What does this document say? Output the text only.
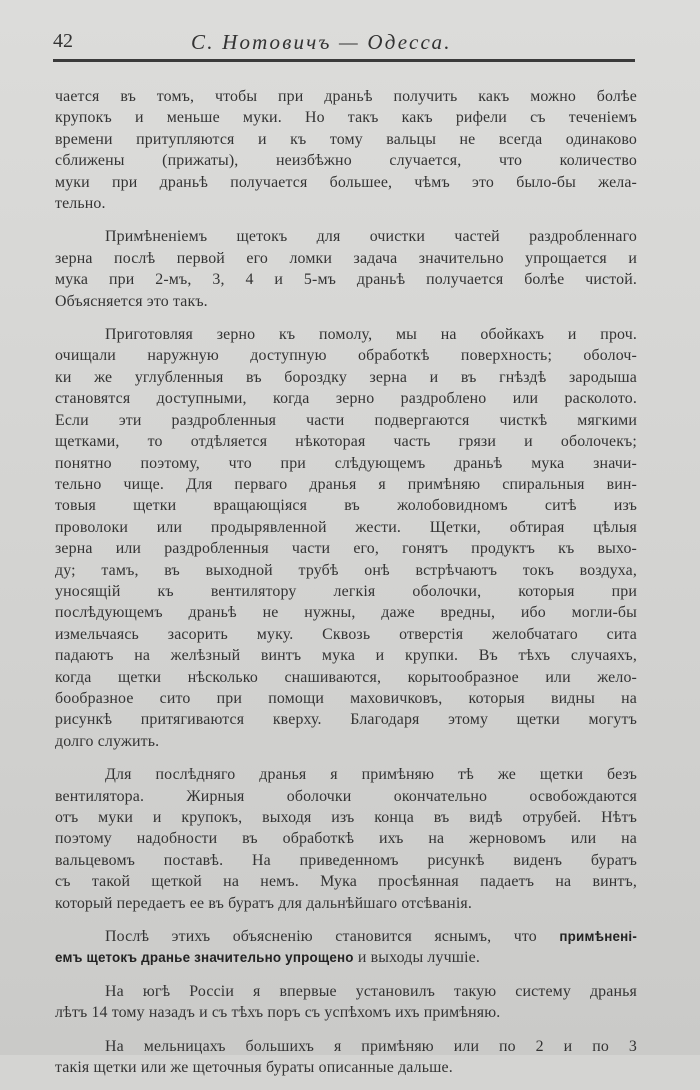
42	С. Нотовичъ — Одесса.

чается въ томъ, чтобы при драньѣ получить какъ можно болѣе
крупокъ и меньше муки. Но такъ какъ рифели съ теченіемъ
времени притупляются и къ тому вальцы не всегда одинаково
сближены (прижаты), неизбѣжно случается, что количество
муки при драньѣ получается большее, чѣмъ это было-бы жела-
тельно.

Примѣненіемъ щетокъ для очистки частей раздробленнаго
зерна послѣ первой его ломки задача значительно упрощается и
мука при 2-мъ, 3, 4 и 5-мъ драньѣ получается болѣе чистой.
Объясняется это такъ.

Приготовляя зерно къ помолу, мы на обойкахъ и проч.
очищали наружную доступную обработкѣ поверхность; оболоч-
ки же углубленныя въ бороздку зерна и въ гнѣздѣ зародыша
становятся доступными, когда зерно раздроблено или расколото.
Если эти раздробленныя части подвергаются чисткѣ мягкими
щетками, то отдѣляется нѣкоторая часть грязи и оболочекъ;
понятно поэтому, что при слѣдующемъ драньѣ мука значи-
тельно чище. Для перваго дранья я примѣняю спиральныя вин-
товыя щетки вращающіяся въ жолобовидномъ ситѣ изъ
проволоки или продырявленной жести. Щетки, обтирая цѣлыя
зерна или раздробленныя части его, гонятъ продуктъ къ выхо-
ду; тамъ, въ выходной трубѣ онѣ встрѣчаютъ токъ воздуха,
уносящій къ вентилятору легкія оболочки, которыя при
послѣдующемъ драньѣ не нужны, даже вредны, ибо могли-бы
измельчаясь засорить муку. Сквозь отверстія желобчатаго сита
падаютъ на желѣзный винтъ мука и крупки. Въ тѣхъ случаяхъ,
когда щетки нѣсколько снашиваются, корытообразное или жело-
бообразное сито при помощи маховичковъ, которыя видны на
рисункѣ притягиваются кверху. Благодаря этому щетки могутъ
долго служить.

Для послѣдняго дранья я примѣняю тѣ же щетки безъ
вентилятора. Жирныя оболочки окончательно освобождаются
отъ муки и крупокъ, выходя изъ конца въ видѣ отрубей. Нѣтъ
поэтому надобности въ обработкѣ ихъ на жерновомъ или на
вальцевомъ поставѣ. На приведенномъ рисункѣ виденъ буратъ
съ такой щеткой на немъ. Мука просѣянная падаетъ на винтъ,
который передаетъ ее въ буратъ для дальнѣйшаго отсѣванія.

Послѣ этихъ объясненію становится яснымъ, что примѣнені-
емъ щетокъ дранье значительно упрощено и выходы лучшіе.

На югѣ Россіи я впервые установилъ такую систему дранья
лѣтъ 14 тому назадъ и съ тѣхъ поръ съ успѣхомъ ихъ примѣняю.

На мельницахъ большихъ я примѣняю или по 2 и по 3
такія щетки или же щеточныя бураты описанные дальше.
